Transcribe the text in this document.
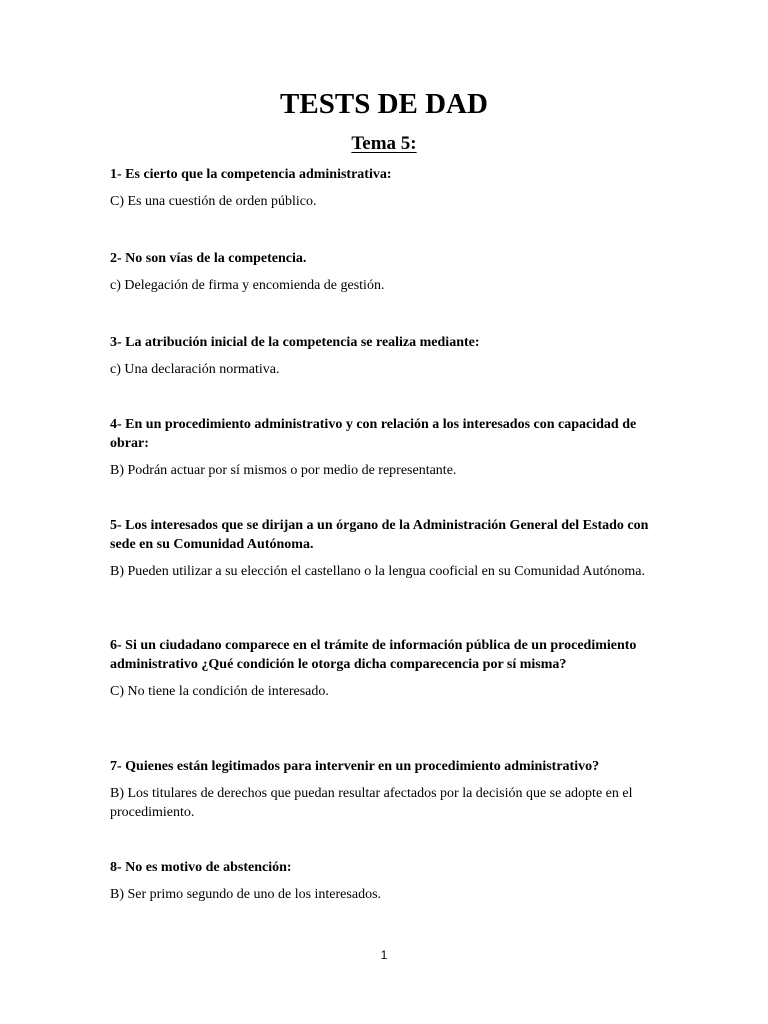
TESTS DE DAD
Tema 5:

1- Es cierto que la competencia administrativa:

C) Es una cuestión de orden público.

2- No son vías de la competencia.

c) Delegación de firma y encomienda de gestión.

3- La atribución inicial de la competencia se realiza mediante:

c) Una declaración normativa.

4- En un procedimiento administrativo y con relación a los interesados con capacidad de obrar:

B) Podrán actuar por sí mismos o por medio de representante.

5- Los interesados que se dirijan a un órgano de la Administración General del Estado con sede en su Comunidad Autónoma.

B) Pueden utilizar a su elección el castellano o la lengua cooficial en su Comunidad Autónoma.

6- Si un ciudadano comparece en el trámite de información pública de un procedimiento administrativo ¿Qué condición le otorga dicha comparecencia por sí misma?

C) No tiene la condición de interesado.

7- Quienes están legitimados para intervenir en un procedimiento administrativo?

B) Los titulares de derechos que puedan resultar afectados por la decisión que se adopte en el procedimiento.

8- No es motivo de abstención:

B) Ser primo segundo de uno de los interesados.

1
